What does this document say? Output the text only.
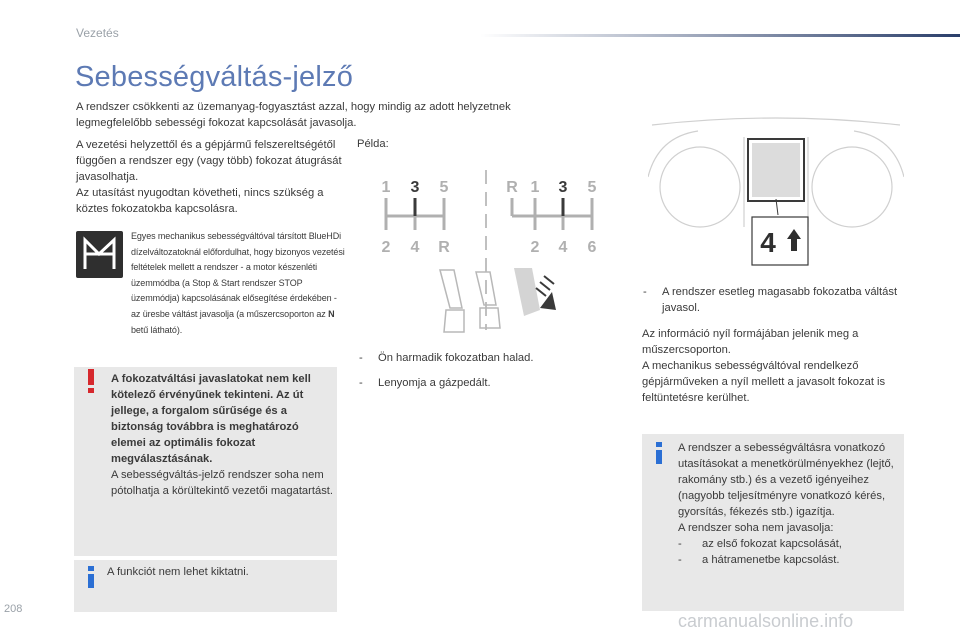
Vezetés
Sebességváltás-jelző
A rendszer csökkenti az üzemanyag-fogyasztást azzal, hogy mindig az adott helyzetnek legmegfelelőbb sebességi fokozat kapcsolását javasolja.

A vezetési helyzettől és a gépjármű felszereltségétől függően a rendszer egy (vagy több) fokozat átugrását javasolhatja.

Az utasítást nyugodtan követheti, nincs szükség a köztes fokozatokba kapcsolásra.

Egyes mechanikus sebességváltóval társított BlueHDi dízelváltozatoknál előfordulhat, hogy bizonyos vezetési feltételek mellett a rendszer - a motor készenléti üzemmódba (a Stop & Start rendszer STOP üzemmódja) kapcsolásának elősegítése érdekében - az üresbe váltást javasolja (a műszercsoporton az N betű látható).
A fokozatváltási javaslatokat nem kell kötelező érvényűnek tekinteni. Az út jellege, a forgalom sűrűsége és a biztonság továbbra is meghatározó elemei az optimális fokozat megválasztásának.
A sebességváltás-jelző rendszer soha nem pótolhatja a körültekintő vezetői magatartást.
A funkciót nem lehet kiktatni.
Példa:
1 3 5
2 4 R
R 1 3 5
2 4 6
- Ön harmadik fokozatban halad.
- Lenyomja a gázpedált.
4
- A rendszer esetleg magasabb fokozatba váltást javasol.

Az információ nyíl formájában jelenik meg a műszercsoporton.

A mechanikus sebességváltóval rendelkező gépjárműveken a nyíl mellett a javasolt fokozat is feltüntetésre kerülhet.

A rendszer a sebességváltásra vonatkozó utasításokat a menetkörülményekhez (lejtő, rakomány stb.) és a vezető igényeihez (nagyobb teljesítményre vonatkozó kérés, gyorsítás, fékezés stb.) igazítja.

A rendszer soha nem javasolja:

- az első fokozat kapcsolását,
- a hátramenetbe kapcsolást.
208
carmanualsonline.info
